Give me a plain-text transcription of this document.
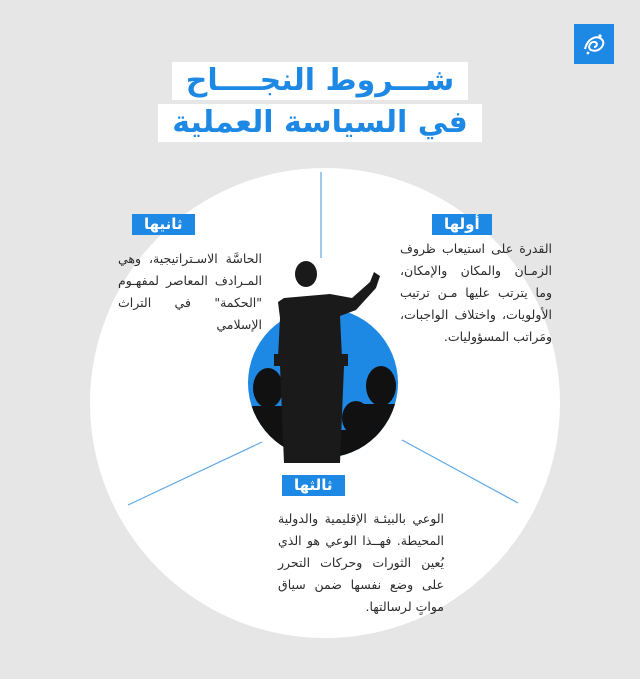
شـــروط النجــــاح
في السياسة العملية
أولها
القدرة على استيعاب ظروف الزمـان والمكان والإمكان، وما يترتب عليها مـن ترتيب الأولويات، واختلاف الواجبات، ومَراتب المسؤوليات.
ثانيها
الحاسَّة الاسـتراتيجية، وهي المـرادف المعاصر لمفهـوم "الحكمة" في التراث الإسلامي
ثالثها
الوعي بالبيئـة الإقليمية والدولية المحيطة. فهــذا الوعي هو الذي يُعين الثورات وحركات التحرر على وضع نفسها ضمن سياق مواتٍ لرسالتها.
